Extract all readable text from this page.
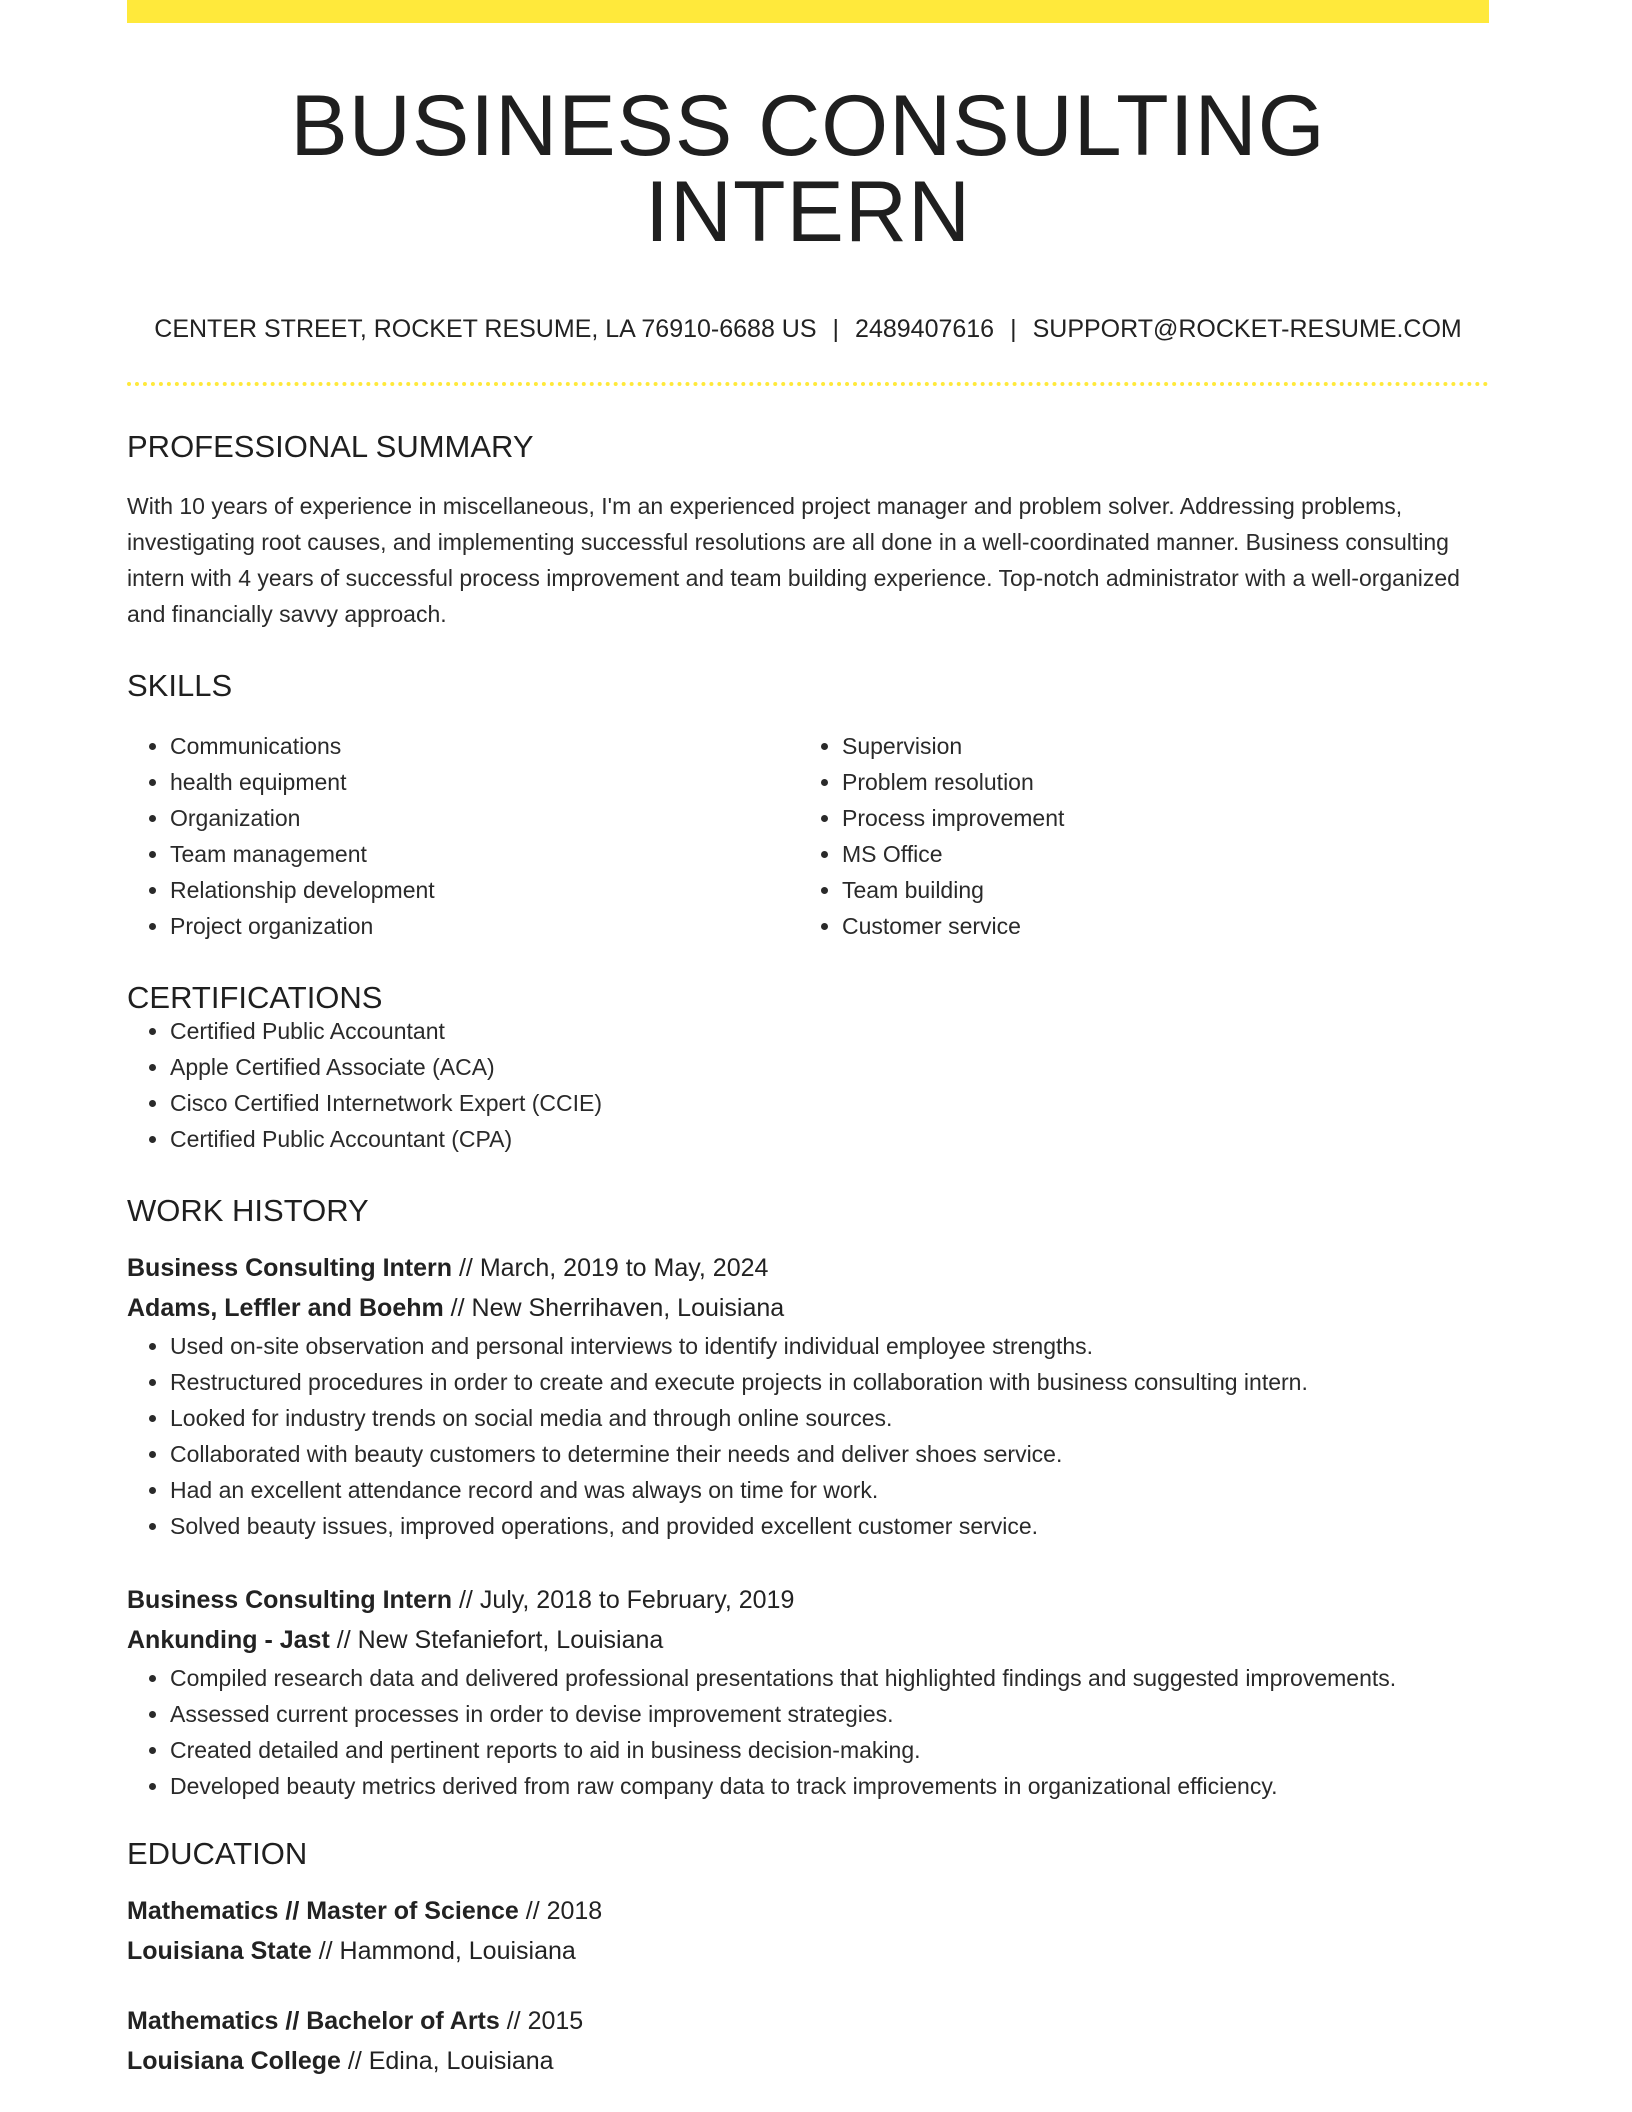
BUSINESS CONSULTING INTERN
CENTER STREET, ROCKET RESUME, LA 76910-6688 US | 2489407616 | SUPPORT@ROCKET-RESUME.COM
PROFESSIONAL SUMMARY

With 10 years of experience in miscellaneous, I'm an experienced project manager and problem solver. Addressing problems, investigating root causes, and implementing successful resolutions are all done in a well-coordinated manner. Business consulting intern with 4 years of successful process improvement and team building experience. Top-notch administrator with a well-organized and financially savvy approach.

SKILLS
• Communications
• health equipment
• Organization
• Team management
• Relationship development
• Project organization
• Supervision
• Problem resolution
• Process improvement
• MS Office
• Team building
• Customer service
CERTIFICATIONS
• Certified Public Accountant
• Apple Certified Associate (ACA)
• Cisco Certified Internetwork Expert (CCIE)
• Certified Public Accountant (CPA)
WORK HISTORY
Business Consulting Intern // March, 2019 to May, 2024
Adams, Leffler and Boehm // New Sherrihaven, Louisiana
• Used on-site observation and personal interviews to identify individual employee strengths.
• Restructured procedures in order to create and execute projects in collaboration with business consulting intern.
• Looked for industry trends on social media and through online sources.
• Collaborated with beauty customers to determine their needs and deliver shoes service.
• Had an excellent attendance record and was always on time for work.
• Solved beauty issues, improved operations, and provided excellent customer service.
Business Consulting Intern // July, 2018 to February, 2019
Ankunding - Jast // New Stefaniefort, Louisiana
• Compiled research data and delivered professional presentations that highlighted findings and suggested improvements.
• Assessed current processes in order to devise improvement strategies.
• Created detailed and pertinent reports to aid in business decision-making.
• Developed beauty metrics derived from raw company data to track improvements in organizational efficiency.
EDUCATION
Mathematics // Master of Science // 2018
Louisiana State // Hammond, Louisiana
Mathematics // Bachelor of Arts // 2015
Louisiana College // Edina, Louisiana
